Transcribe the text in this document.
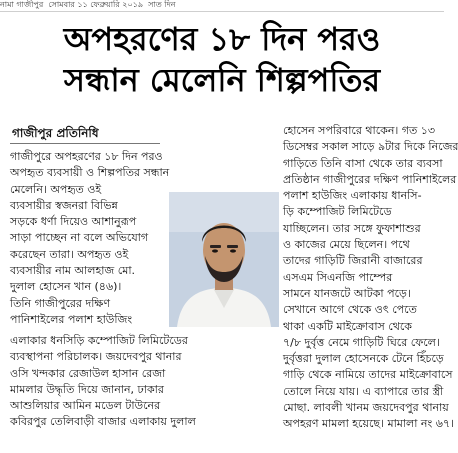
নামা গাজীপুর ‍ ‍সোমবার ১১ ফেব্রুয়ারি ২০১৯ ‍ সাত দিন
অপহরণের ১৮ দিন পরও
সন্ধান মেলেনি শিল্পপতির
গাজীপুর প্রতিনিধি
গাজীপুরে অপহরণের ১৮ দিন পরও
অপহৃত ব্যবসায়ী ও শিল্পপতির সন্ধান
মেলেনি। অপহৃত ওই
ব্যবসায়ীর স্বজনরা বিভিন্ন
সড়কে ধর্ণা দিয়েও আশানুরূপ
সাড়া পাচ্ছেন না বলে অভিযোগ
করেছেন তারা। অপহৃত ওই
ব্যবসায়ীর নাম আলহাজ মো.
দুলাল হোসেন খান (৪৬)।
তিনি গাজীপুরের দক্ষিণ
পানিশাইলের পলাশ হাউজিং
এলাকার ধনসিড়ি কম্পোজিট লিমিটেডের
ব্যবস্থাপনা পরিচালক। জয়দেবপুর থানার
ওসি খন্দকার রেজাউল হাসান রেজা
মামলার উদ্ধৃতি দিয়ে জানান, ঢাকার
আশুলিয়ার আমিন মডেল টাউনের
কবিরপুর তেলিবাড়ী বাজার এলাকায় দুলাল
হোসেন সপরিবারে থাকেন। গত ১৩
ডিসেম্বর সকাল সাড়ে ৯টার দিকে নিজের
গাড়িতে তিনি বাসা থেকে তার ব্যবসা
প্রতিষ্ঠান গাজীপুরের দক্ষিণ পানিশাইলের
পলাশ হাউজিং এলাকায় ধানসি-
ড়ি কম্পোজিট লিমিটেডে
যাচ্ছিলেন। তার সঙ্গে ফুফাশাশুর
ও কাজের মেয়ে ছিলেন। পথে
তাদের গাড়িটি জিরানী বাজারের
এসএম সিএনজি পাম্পের
সামনে যানজটে আটকা পড়ে।
সেখানে আগে থেকে ওৎ পেতে
থাকা একটি মাইক্রোবাস থেকে
৭/৮ দুর্বৃত্ত নেমে গাড়িটি ঘিরে ফেলে।
দুর্বৃত্তরা দুলাল হোসেনকে টেনে হিঁচড়ে
গাড়ি থেকে নামিয়ে তাদের মাইক্রোবাসে
তোলে নিয়ে যায়। এ ব্যাপারে তার স্ত্রী
মোছা. লাবলী খানম জয়দেবপুর থানায়
অপহরণ মামলা হয়েছে। মামালা নং ৬৭।
